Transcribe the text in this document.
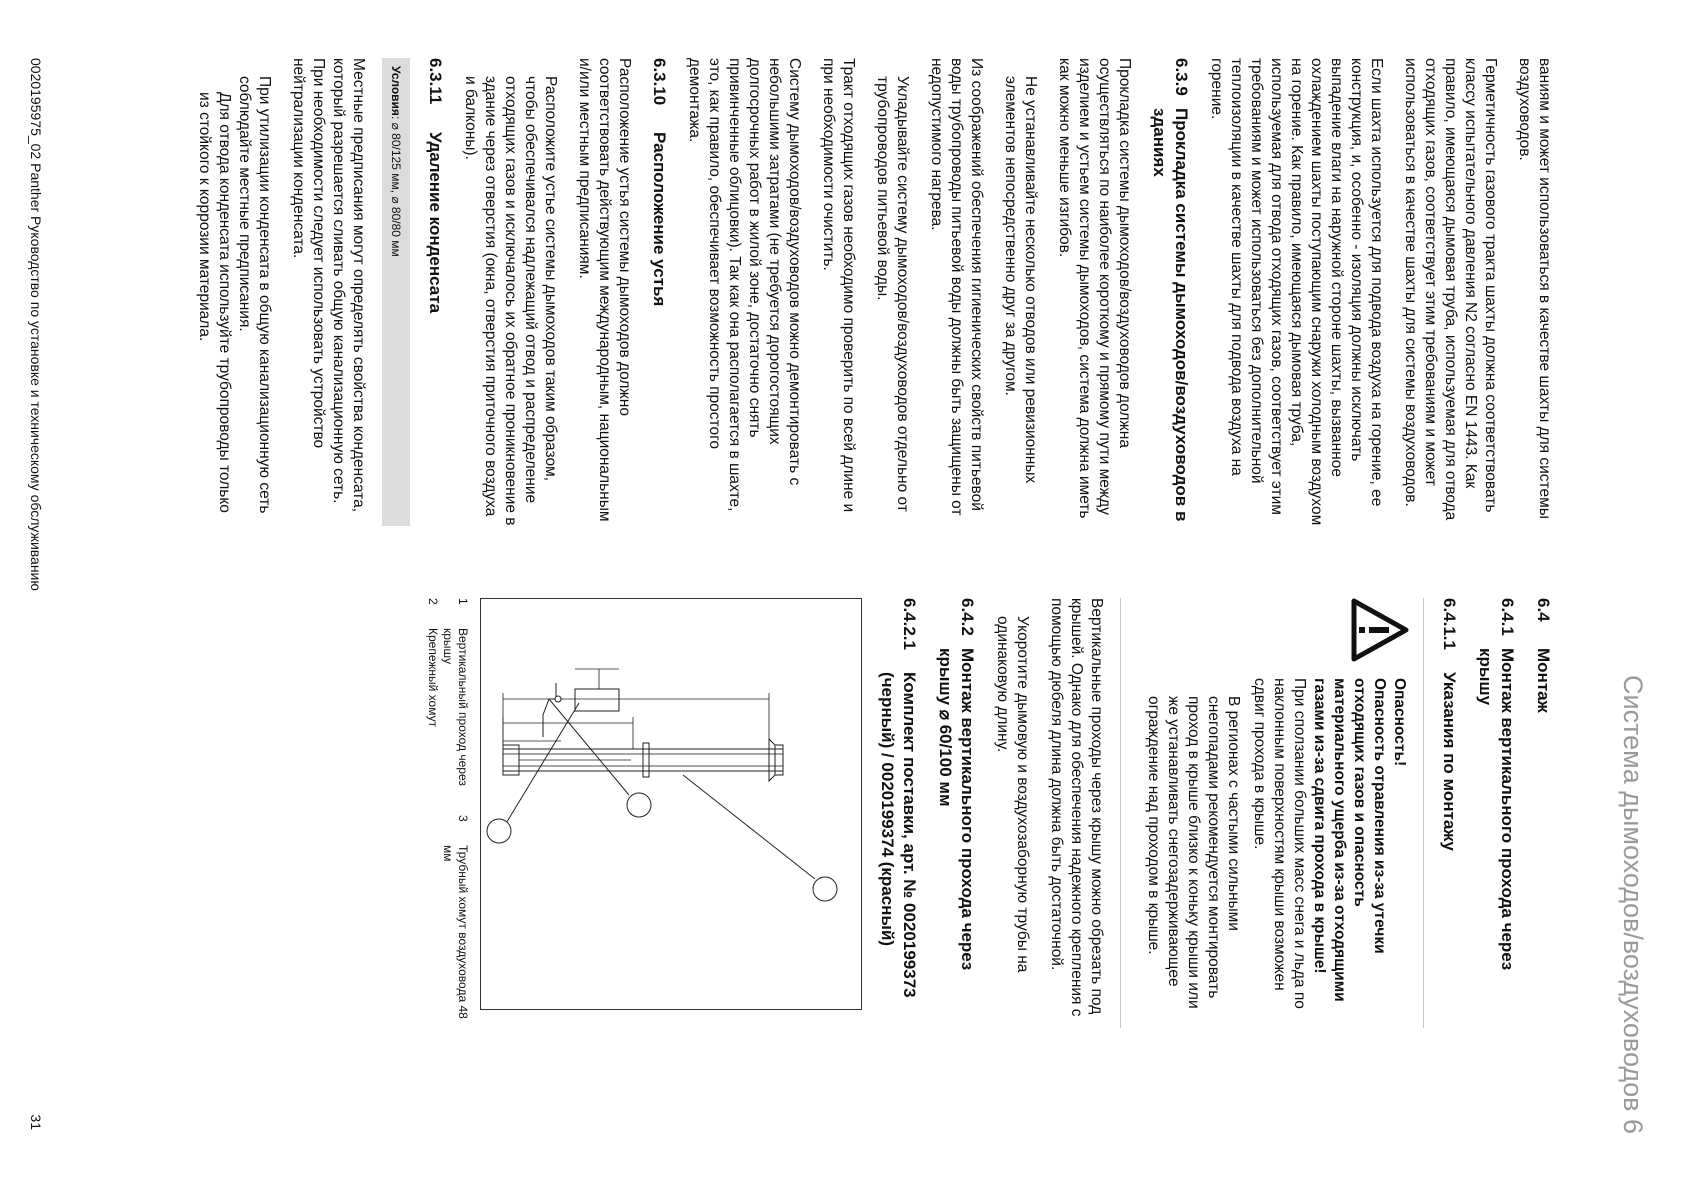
Система дымоходов/воздуховодов 6

ваниям и может использоваться в качестве шахты для системы воздуховодов.

Герметичность газового тракта шахты должна соответствовать классу испытательного давления N2 согласно EN 1443. Как правило, имеющаяся дымовая труба, используемая для отвода отходящих газов, соответствует этим требованиям и может использоваться в качестве шахты для системы воздуховодов.

Если шахта используется для подвода воздуха на горение, ее конструкция, и, особенно - изоляция должны исключать выпадение влаги на наружной стороне шахты, вызванное охлаждением шахты поступающим снаружи холодным воздухом на горение. Как правило, имеющаяся дымовая труба, используемая для отвода отходящих газов, соответствует этим требованиям и может использоваться без дополнительной теплоизоляции в качестве шахты для подвода воздуха на горение.

6.3.9
Прокладка системы дымоходов/воздуховодов в зданиях

Прокладка системы дымоходов/воздуховодов должна осуществляться по наиболее короткому и прямому пути между изделием и устьем системы дымоходов, система должна иметь как можно меньше изгибов.

Не устанавливайте несколько отводов или ревизионных элементов непосредственно друг за другом.

Из соображений обеспечения гигиенических свойств питьевой воды трубопроводы питьевой воды должны быть защищены от недопустимого нагрева.

Укладывайте систему дымоходов/воздуховодов отдельно от трубопроводов питьевой воды.

Тракт отходящих газов необходимо проверить по всей длине и при необходимости очистить.

Систему дымоходов/воздуховодов можно демонтировать с небольшими затратами (не требуется дорогостоящих долгосрочных работ в жилой зоне, достаточно снять привинченные облицовки). Так как она располагается в шахте, это, как правило, обеспечивает возможность простого демонтажа.

6.3.10
Расположение устья

Расположение устья системы дымоходов должно соответствовать действующим международным, национальным и/или местным предписаниям.

Расположите устье системы дымоходов таким образом, чтобы обеспечивался надлежащий отвод и распределение отходящих газов и исключалось их обратное проникновение в здание через отверстия (окна, отверстия приточного воздуха и балконы).

6.3.11
Удаление конденсата
Условия: ⌀ 80/125 мм, ⌀ 80/80 мм

Местные предписания могут определять свойства конденсата, который разрешается сливать общую канализационную сеть. При необходимости следует использовать устройство нейтрализации конденсата.

При утилизации конденсата в общую канализационную сеть соблюдайте местные предписания.

Для отвода конденсата используйте трубопроводы только из стойкого к коррозии материала.

6.4
Монтаж
6.4.1
Монтаж вертикального прохода через крышу
6.4.1.1
Указания по монтажу

Опасность!

Опасность отравления из-за утечки отходящих газов и опасность материального ущерба из-за отходящими газами из-за сдвига прохода в крыше!

При сползании больших масс снега и льда по наклонным поверхностям крыши возможен сдвиг прохода в крыше.

В регионах с частыми сильными снегопадами рекомендуется монтировать проход в крыше близко к коньку крыши или же устанавливать снегозадерживающее ограждение над проходом в крыше.

Вертикальные проходы через крышу можно обрезать под крышей. Однако для обеспечения надежного крепления с помощью дюбеля длина должна быть достаточной.

Укоротите дымовую и воздухозаборную трубы на одинаковую длину.

6.4.2
Монтаж вертикального прохода через крышу ⌀ 60/100 мм
6.4.2.1
Комплект поставки, арт. № 0020199373 (черный) / 0020199374 (красный)
1
Вертикальный проход через крышу
3
Трубный хомут воздуховода 48 мм
2
Крепежный хомут
0020195975_02 Panther Руководство по установке и техническому обслуживанию
31
